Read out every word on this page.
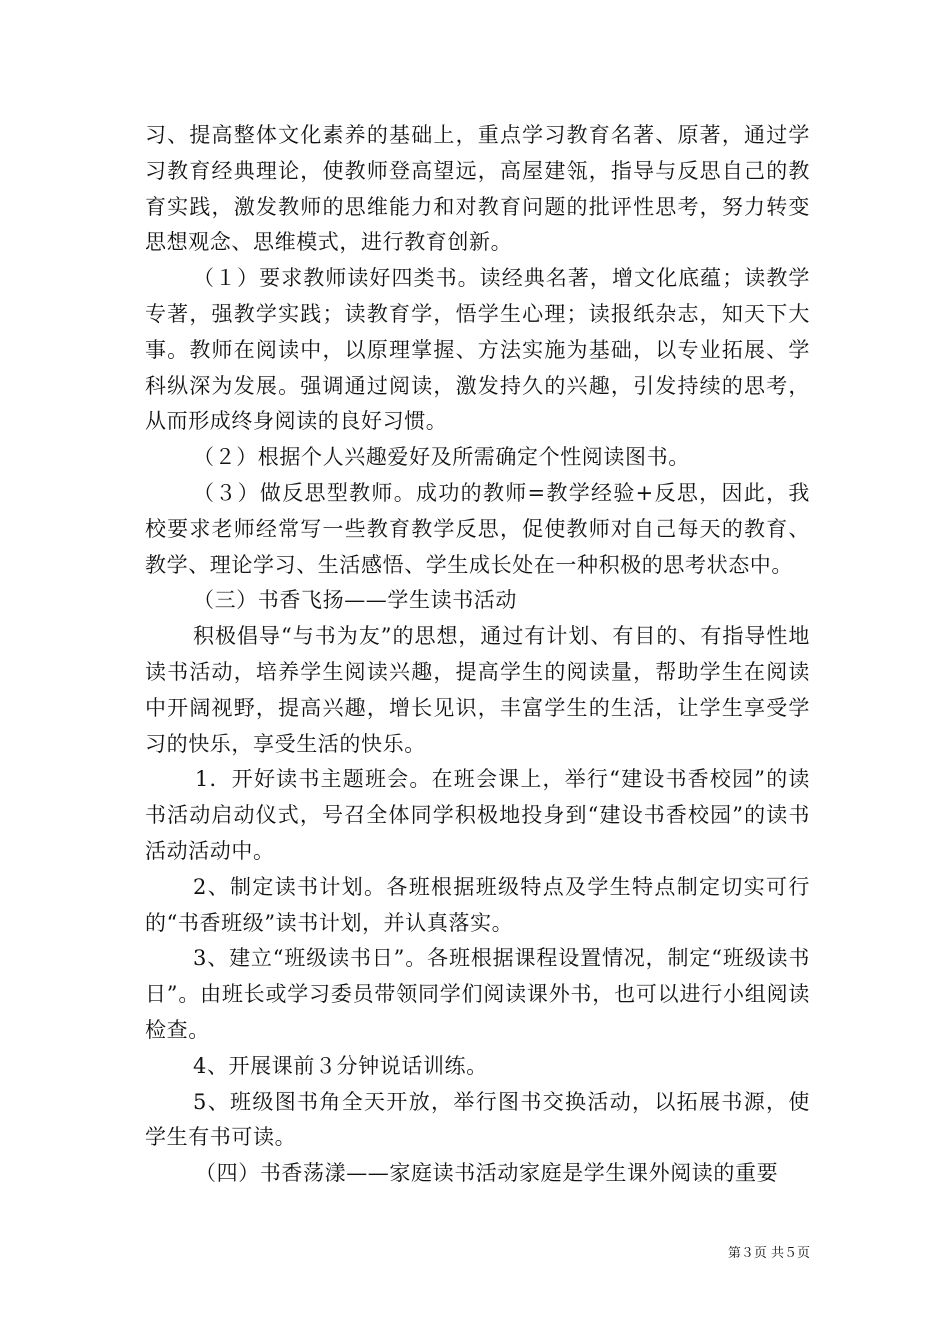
习、提高整体文化素养的基础上，重点学习教育名著、原著，通过学习教育经典理论，使教师登高望远，高屋建瓴，指导与反思自己的教育实践，激发教师的思维能力和对教育问题的批评性思考，努力转变思想观念、思维模式，进行教育创新。

（１）要求教师读好四类书。读经典名著，增文化底蕴；读教学专著，强教学实践；读教育学，悟学生心理；读报纸杂志，知天下大事。教师在阅读中，以原理掌握、方法实施为基础，以专业拓展、学科纵深为发展。强调通过阅读，激发持久的兴趣，引发持续的思考，从而形成终身阅读的良好习惯。

（２）根据个人兴趣爱好及所需确定个性阅读图书。

（３）做反思型教师。成功的教师=教学经验+反思，因此，我校要求老师经常写一些教育教学反思，促使教师对自己每天的教育、教学、理论学习、生活感悟、学生成长处在一种积极的思考状态中。

（三）书香飞扬——学生读书活动

积极倡导“与书为友”的思想，通过有计划、有目的、有指导性地读书活动，培养学生阅读兴趣，提高学生的阅读量，帮助学生在阅读中开阔视野，提高兴趣，增长见识，丰富学生的生活，让学生享受学习的快乐，享受生活的快乐。

1．开好读书主题班会。在班会课上，举行“建设书香校园”的读书活动启动仪式，号召全体同学积极地投身到“建设书香校园”的读书活动活动中。

2、制定读书计划。各班根据班级特点及学生特点制定切实可行的“书香班级”读书计划，并认真落实。

3、建立“班级读书日”。各班根据课程设置情况，制定“班级读书日”。由班长或学习委员带领同学们阅读课外书，也可以进行小组阅读检查。

4、开展课前３分钟说话训练。

5、班级图书角全天开放，举行图书交换活动，以拓展书源，使学生有书可读。

（四）书香荡漾——家庭读书活动家庭是学生课外阅读的重要

第３页 共５页
